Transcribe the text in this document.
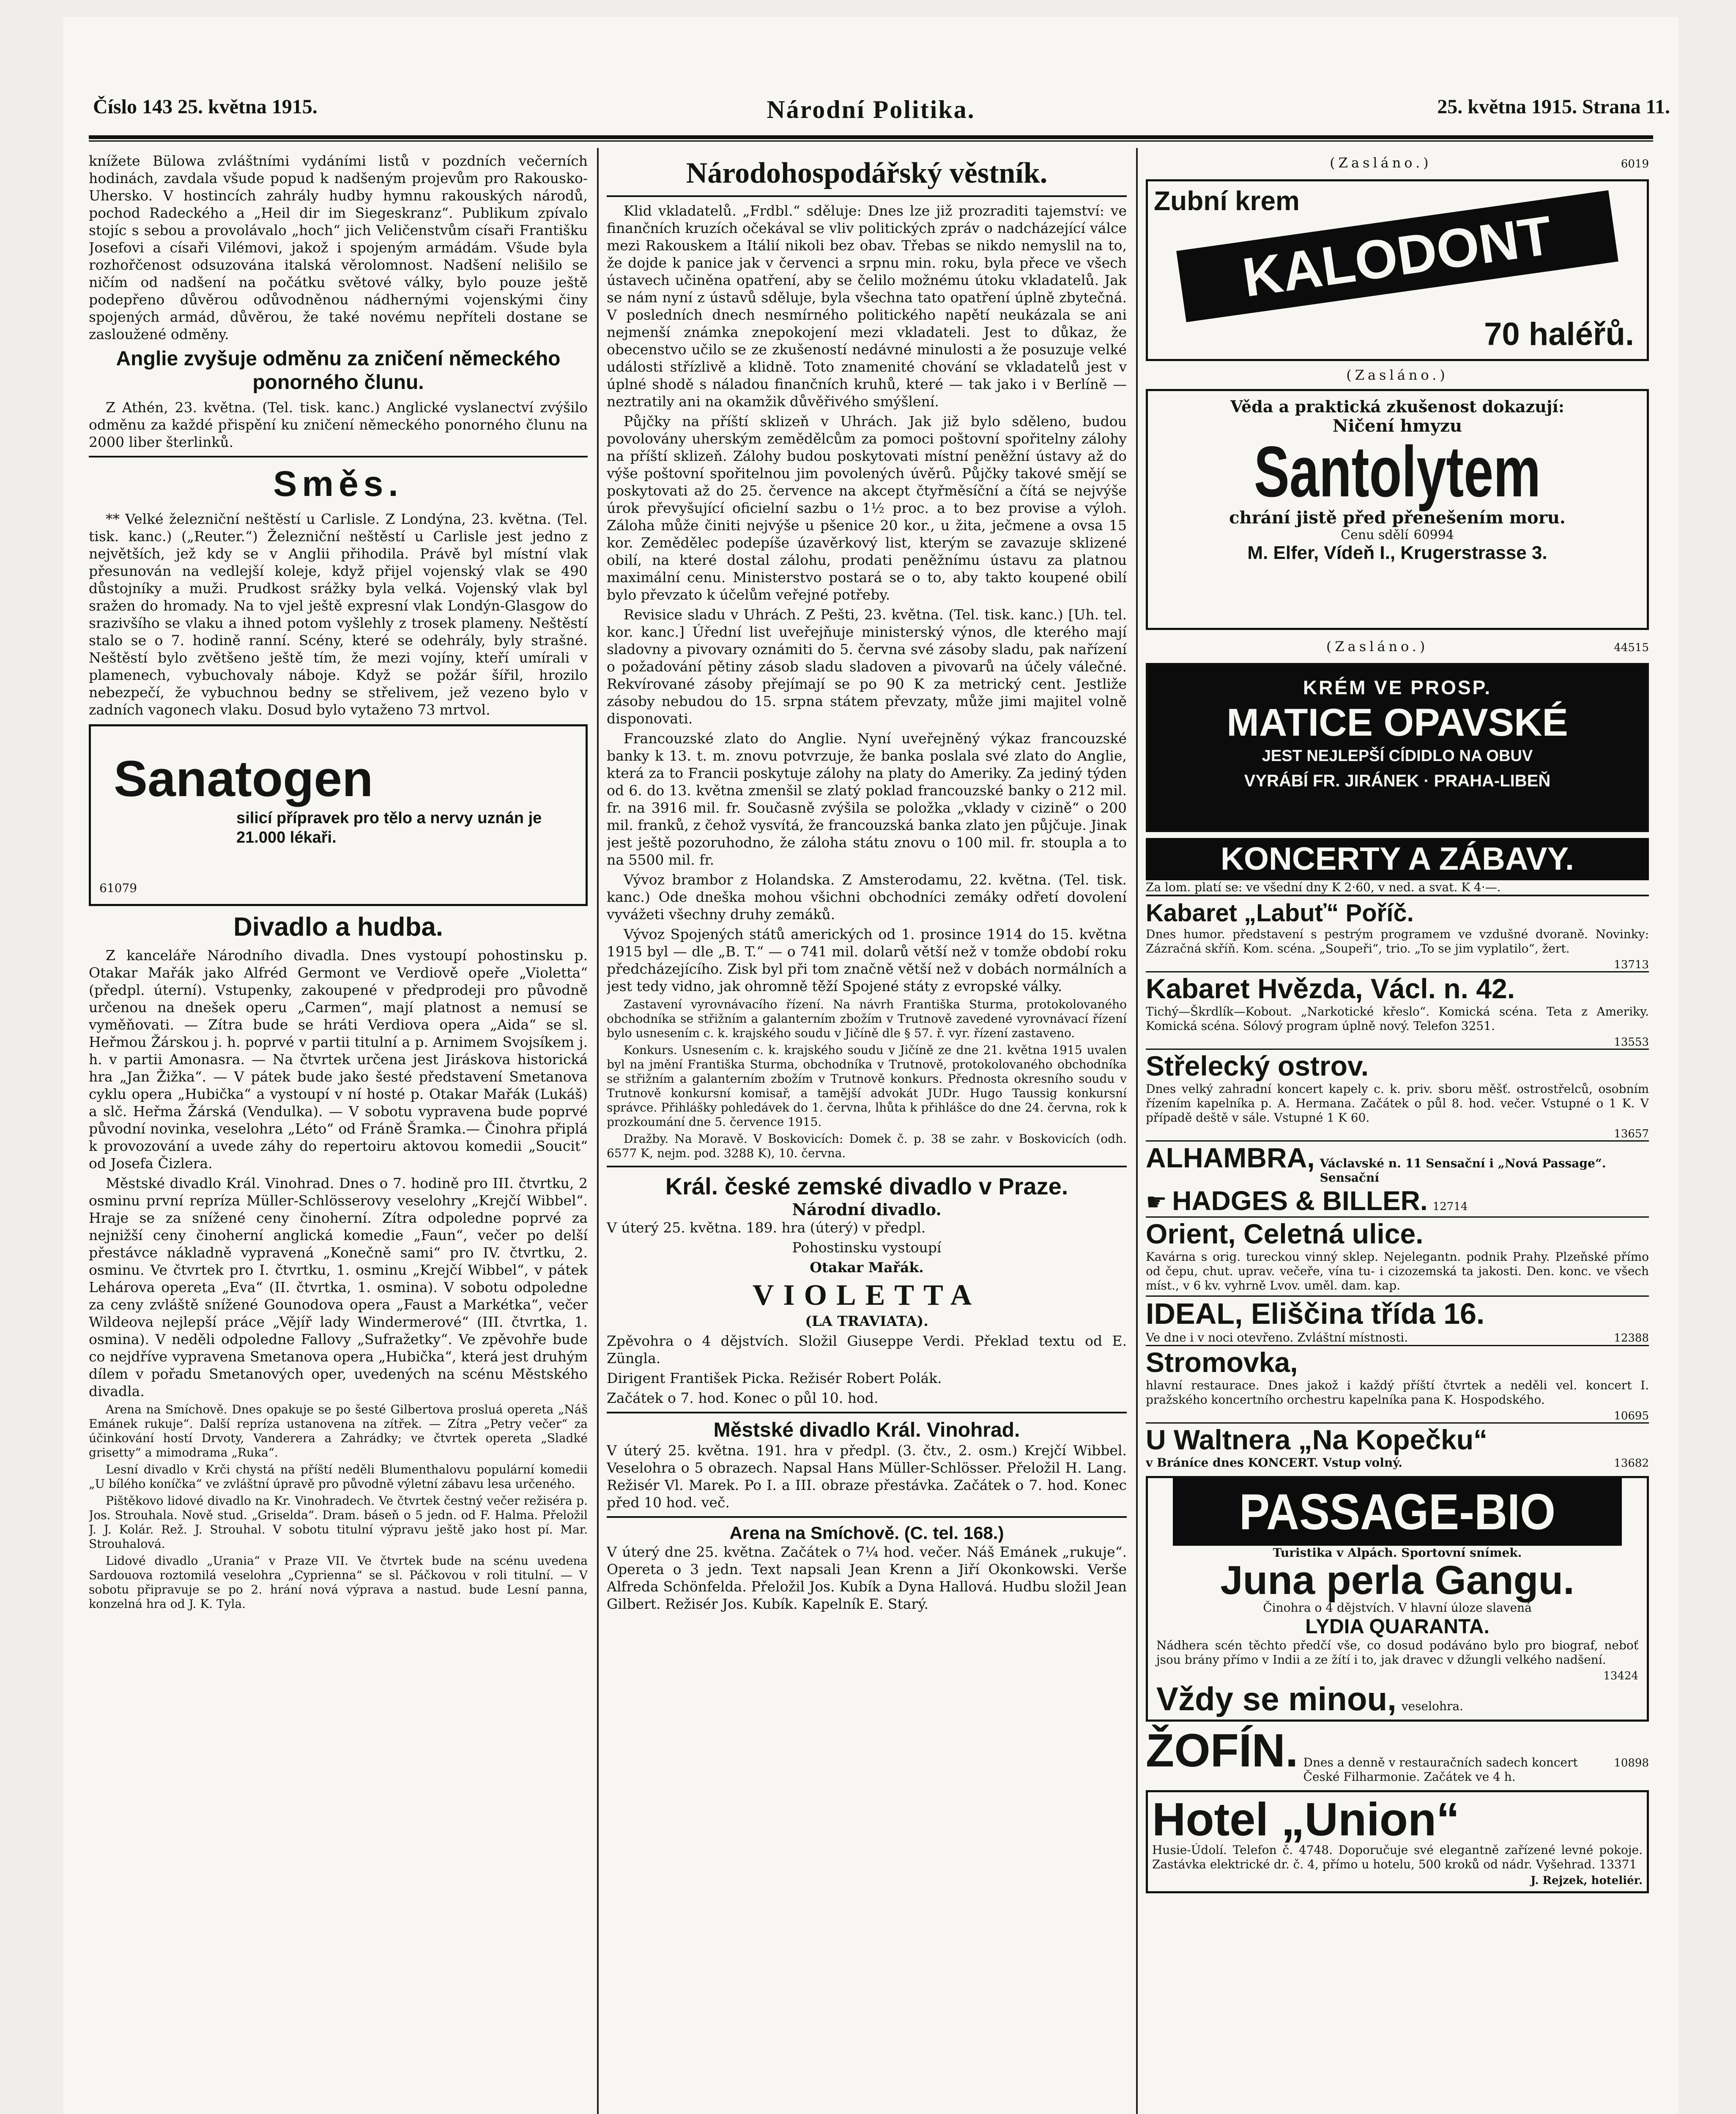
Číslo 143 25. května 1915.	Národní Politika.	25. května 1915. Strana 11.

knížete Bülowa zvláštními vydáními listů v pozdních večerních hodinách, zavdala všude popud k nadšeným projevům pro Rakousko-Uhersko. V hostincích zahrály hudby hymnu rakouských národů, pochod Radeckého a „Heil dir im Siegeskranz“. Publikum zpívalo stojíc s sebou a provolávalo „hoch“ jich Veličenstvům císaři Františku Josefovi a císaři Vilémovi, jakož i spojeným armádám. Všude byla rozhořčenost odsuzována italská věrolomnost. Nadšení nelišilo se ničím od nadšení na počátku světové války, bylo pouze ještě podepřeno důvěrou odůvodněnou nádhernými vojenskými činy spojených armád, důvěrou, že také novému nepříteli dostane se zasloužené odměny.

Anglie zvyšuje odměnu za zničení německého ponorného člunu.

Z Athén, 23. května. (Tel. tisk. kanc.) Anglické vyslanectví zvýšilo odměnu za každé přispění ku zničení německého ponorného člunu na 2000 liber šterlinků.

Směs.

** Velké železniční neštěstí u Carlisle. Z Londýna, 23. května. (Tel. tisk. kanc.) („Reuter.“) Železniční neštěstí u Carlisle jest jedno z největších, jež kdy se v Anglii přihodila. Právě byl místní vlak přesunován na vedlejší koleje, když přijel vojenský vlak se 490 důstojníky a muži. Prudkost srážky byla velká. Vojenský vlak byl sražen do hromady. Na to vjel ještě expresní vlak Londýn-Glasgow do srazivšího se vlaku a ihned potom vyšlehly z trosek plameny. Neštěstí stalo se o 7. hodině ranní. Scény, které se odehrály, byly strašné. Neštěstí bylo zvětšeno ještě tím, že mezi vojíny, kteří umírali v plamenech, vybuchovaly náboje. Když se požár šířil, hrozilo nebezpečí, že vybuchnou bedny se střelivem, jež vezeno bylo v zadních vagonech vlaku. Dosud bylo vytaženo 73 mrtvol.

Sanatogen
silicí přípravek pro tělo a nervy uznán je 21.000 lékaři.
61079
Divadlo a hudba.

Z kanceláře Národního divadla. Dnes vystoupí pohostinsku p. Otakar Mařák jako Alfréd Germont ve Verdiově opeře „Violetta“ (předpl. úterní). Vstupenky, zakoupené v předprodeji pro původně určenou na dnešek operu „Carmen“, mají platnost a nemusí se vyměňovati. — Zítra bude se hráti Verdiova opera „Aida“ se sl. Heřmou Žárskou j. h. poprvé v partii titulní a p. Arnimem Svojsíkem j. h. v partii Amonasra. — Na čtvrtek určena jest Jiráskova historická hra „Jan Žižka“. — V pátek bude jako šesté představení Smetanova cyklu opera „Hubička“ a vystoupí v ní hosté p. Otakar Mařák (Lukáš) a slč. Heřma Žárská (Vendulka). — V sobotu vypravena bude poprvé původní novinka, veselohra „Léto“ od Fráně Šramka.— Činohra připlá k provozování a uvede záhy do repertoiru aktovou komedii „Soucit“ od Josefa Čizlera.

Městské divadlo Král. Vinohrad. Dnes o 7. hodině pro III. čtvrtku, 2 osminu první repríza Müller-Schlösserovy veselohry „Krejčí Wibbel“. Hraje se za snížené ceny činoherní. Zítra odpoledne poprvé za nejnižší ceny činoherní anglická komedie „Faun“, večer po delší přestávce nákladně vypravená „Konečně sami“ pro IV. čtvrtku, 2. osminu. Ve čtvrtek pro I. čtvrtku, 1. osminu „Krejčí Wibbel“, v pátek Lehárova opereta „Eva“ (II. čtvrtka, 1. osmina). V sobotu odpoledne za ceny zvláště snížené Gounodova opera „Faust a Markétka“, večer Wildeova nejlepší práce „Vějíř lady Windermerové“ (III. čtvrtka, 1. osmina). V neděli odpoledne Fallovy „Sufražetky“. Ve zpěvohře bude co nejdříve vypravena Smetanova opera „Hubička“, která jest druhým dílem v pořadu Smetanových oper, uvedených na scénu Městského divadla.

Arena na Smíchově. Dnes opakuje se po šesté Gilbertova prosluá opereta „Náš Emánek rukuje“. Další repríza ustanovena na zítřek. — Zítra „Petry večer“ za účinkování hostí Drvoty, Vanderera a Zahrádky; ve čtvrtek opereta „Sladké grisetty“ a mimodrama „Ruka“.

Lesní divadlo v Krči chystá na příští neděli Blumenthalovu populární komedii „U bílého koníčka“ ve zvláštní úpravě pro původně výletní zábavu lesa určeného.

Pištěkovo lidové divadlo na Kr. Vinohradech. Ve čtvrtek čestný večer režiséra p. Jos. Strouhala. Nově stud. „Griselda“. Dram. báseň o 5 jedn. od F. Halma. Přeložil J. J. Kolár. Rež. J. Strouhal. V sobotu titulní výpravu ještě jako host pí. Mar. Strouhalová.

Lidové divadlo „Urania“ v Praze VII. Ve čtvrtek bude na scénu uvedena Sardouova roztomilá veselohra „Cyprienna“ se sl. Páčkovou v roli titulní. — V sobotu připravuje se po 2. hrání nová výprava a nastud. bude Lesní panna, konzelná hra od J. K. Tyla.

Národohospodářský věstník.

Klid vkladatelů. „Frdbl.“ sděluje: Dnes lze již prozraditi tajemství: ve finančních kruzích očekával se vliv politických zpráv o nadcházející válce mezi Rakouskem a Itálií nikoli bez obav. Třebas se nikdo nemyslil na to, že dojde k panice jak v červenci a srpnu min. roku, byla přece ve všech ústavech učiněna opatření, aby se čelilo možnému útoku vkladatelů. Jak se nám nyní z ústavů sděluje, byla všechna tato opatření úplně zbytečná. V posledních dnech nesmírného politického napětí neukázala se ani nejmenší známka znepokojení mezi vkladateli. Jest to důkaz, že obecenstvo učilo se ze zkušeností nedávné minulosti a že posuzuje velké události střízlivě a klidně. Toto znamenité chování se vkladatelů jest v úplné shodě s náladou finančních kruhů, které — tak jako i v Berlíně — neztratily ani na okamžik důvěřivého smýšlení.

Půjčky na příští sklizeň v Uhrách. Jak již bylo sděleno, budou povolovány uherským zemědělcům za pomoci poštovní spořitelny zálohy na příští sklizeň. Zálohy budou poskytovati místní peněžní ústavy až do výše poštovní spořitelnou jim povolených úvěrů. Půjčky takové smějí se poskytovati až do 25. července na akcept čtyřměsíční a čítá se nejvýše úrok převyšující oficielní sazbu o 1½ proc. a to bez provise a výloh. Záloha může činiti nejvýše u pšenice 20 kor., u žita, ječmene a ovsa 15 kor. Zemědělec podepíše úzavěrkový list, kterým se zavazuje sklizené obilí, na které dostal zálohu, prodati peněžnímu ústavu za platnou maximální cenu. Ministerstvo postará se o to, aby takto koupené obilí bylo převzato k účelům veřejné potřeby.

Revisice sladu v Uhrách. Z Pešti, 23. května. (Tel. tisk. kanc.) [Uh. tel. kor. kanc.] Úřední list uveřejňuje ministerský výnos, dle kterého mají sladovny a pivovary oznámiti do 5. června své zásoby sladu, pak nařízení o požadování pětiny zásob sladu sladoven a pivovarů na účely válečné. Rekvírované zásoby přejímají se po 90 K za metrický cent. Jestliže zásoby nebudou do 15. srpna státem převzaty, může jimi majitel volně disponovati.

Francouzské zlato do Anglie. Nyní uveřejněný výkaz francouzské banky k 13. t. m. znovu potvrzuje, že banka poslala své zlato do Anglie, která za to Francii poskytuje zálohy na platy do Ameriky. Za jediný týden od 6. do 13. května zmenšil se zlatý poklad francouzské banky o 212 mil. fr. na 3916 mil. fr. Současně zvýšila se položka „vklady v cizině“ o 200 mil. franků, z čehož vysvítá, že francouzská banka zlato jen půjčuje. Jinak jest ještě pozoruhodno, že záloha státu znovu o 100 mil. fr. stoupla a to na 5500 mil. fr.

Vývoz brambor z Holandska. Z Amsterodamu, 22. května. (Tel. tisk. kanc.) Ode dneška mohou všichni obchodníci zemáky odřetí dovolení vyvážeti všechny druhy zemáků.

Vývoz Spojených států amerických od 1. prosince 1914 do 15. května 1915 byl — dle „B. T.“ — o 741 mil. dolarů větší než v tomže období roku předcházejícího. Zisk byl při tom značně větší než v dobách normálních a jest tedy vidno, jak ohromně těží Spojené státy z evropské války.

Zastavení vyrovnávacího řízení. Na návrh Františka Sturma, protokolovaného obchodníka se střižním a galanterním zbožím v Trutnově zavedené vyrovnávací řízení bylo usnesením c. k. krajského soudu v Jičíně dle § 57. ř. vyr. řízení zastaveno.

Konkurs. Usnesením c. k. krajského soudu v Jičíně ze dne 21. května 1915 uvalen byl na jmění Františka Sturma, obchodníka v Trutnově, protokolovaného obchodníka se střižním a galanterním zbožím v Trutnově konkurs. Přednosta okresního soudu v Trutnově konkursní komisař, a tamější advokát JUDr. Hugo Taussig konkursní správce. Přihlášky pohledávek do 1. června, lhůta k přihlášce do dne 24. června, rok k prozkoumání dne 5. července 1915.

Dražby. Na Moravě. V Boskovicích: Domek č. p. 38 se zahr. v Boskovicích (odh. 6577 K, nejm. pod. 3288 K), 10. června.

Král. české zemské divadlo v Praze.
Národní divadlo.
V úterý 25. května. 189. hra (úterý) v předpl.
Pohostinsku vystoupí
Otakar Mařák.
VIOLETTA
(LA TRAVIATA).

Zpěvohra o 4 dějstvích. Složil Giuseppe Verdi. Překlad textu od E. Züngla.

Dirigent František Picka. Režisér Robert Polák.

Začátek o 7. hod. Konec o půl 10. hod.

Městské divadlo Král. Vinohrad.

V úterý 25. května. 191. hra v předpl. (3. čtv., 2. osm.) Krejčí Wibbel. Veselohra o 5 obrazech. Napsal Hans Müller-Schlösser. Přeložil H. Lang. Režisér Vl. Marek. Po I. a III. obraze přestávka. Začátek o 7. hod. Konec před 10 hod. več.

Arena na Smíchově. (C. tel. 168.)

V úterý dne 25. května. Začátek o 7¼ hod. večer. Náš Emánek „rukuje“. Opereta o 3 jedn. Text napsali Jean Krenn a Jiří Okonkowski. Verše Alfreda Schönfelda. Přeložil Jos. Kubík a Dyna Hallová. Hudbu složil Jean Gilbert. Režisér Jos. Kubík. Kapelník E. Starý.

(Zasláno.)	6019
Zubní krem
KALODONT
70 haléřů.
(Zasláno.)
Věda a praktická zkušenost dokazují:
Ničení hmyzu
Santolytem
chrání jistě před přenešením moru.
Cenu sdělí 60994
M. Elfer, Vídeň I., Krugerstrasse 3.
(Zasláno.)	44515
KRÉM VE PROSP.
MATICE OPAVSKÉ
JEST NEJLEPŠÍ CÍDIDLO NA OBUV
VYRÁBÍ FR. JIRÁNEK · PRAHA-LIBEŇ
KONCERTY A ZÁBAVY.
Za lom. platí se: ve všední dny K 2·60, v ned. a svat. K 4·—.
Kabaret „Labuť“ Poříč.

Dnes humor. představení s pestrým programem ve vzdušné dvoraně. Novinky: Zázračná skříň. Kom. scéna. „Soupeři“, trio. „To se jim vyplatilo“, žert.

13713
Kabaret Hvězda, Václ. n. 42.

Tichý—Škrdlík—Kobout. „Narkotické křeslo“. Komická scéna. Teta z Ameriky. Komická scéna. Sólový program úplně nový. Telefon 3251.

13553
Střelecký ostrov.

Dnes velký zahradní koncert kapely c. k. priv. sboru měšť. ostrostřelců, osobním řízením kapelníka p. A. Hermana. Začátek o půl 8. hod. večer. Vstupné o 1 K. V případě deště v sále. Vstupné 1 K 60.

13657
ALHAMBRA, Václavské n. 11 Sensační i „Nová Passage“. Sensační
☛ HADGES & BILLER. 12714
Orient, Celetná ulice.

Kavárna s orig. tureckou vinný sklep. Nejelegantn. podnik Prahy. Plzeňské přímo od čepu, chut. uprav. večeře, vína tu- i cizozemská ta jakosti. Den. konc. ve všech míst., v 6 kv. vyhrně Lvov. uměl. dam. kap.

IDEAL, Eliščina třída 16.
Ve dne i v noci otevřeno. Zvláštní místnosti.	12388
Stromovka,

hlavní restaurace. Dnes jakož i každý příští čtvrtek a neděli vel. koncert I. pražského koncertního orchestru kapelníka pana K. Hospodského.

10695
U Waltnera „Na Kopečku“
v Bráníce dnes KONCERT. Vstup volný.	13682
PASSAGE-BIO
Turistika v Alpách. Sportovní snímek.
Juna perla Gangu.
Činohra o 4 dějstvích. V hlavní úloze slavená
LYDIA QUARANTA.

Nádhera scén těchto předčí vše, co dosud podáváno bylo pro biograf, neboť jsou brány přímo v Indii a ze žítí i to, jak dravec v džungli velkého nadšení.

13424
Vždy se minou, veselohra.
ŽOFÍN. Dnes a denně v restauračních sadech koncert České Filharmonie. Začátek ve 4 h.
10898
Hotel „Union“

Husie-Údolí. Telefon č. 4748. Doporučuje své elegantně zařízené levné pokoje. Zastávka elektrické dr. č. 4, přímo u hotelu, 500 kroků od nádr. Vyšehrad. 13371

J. Rejzek, hoteliér.
